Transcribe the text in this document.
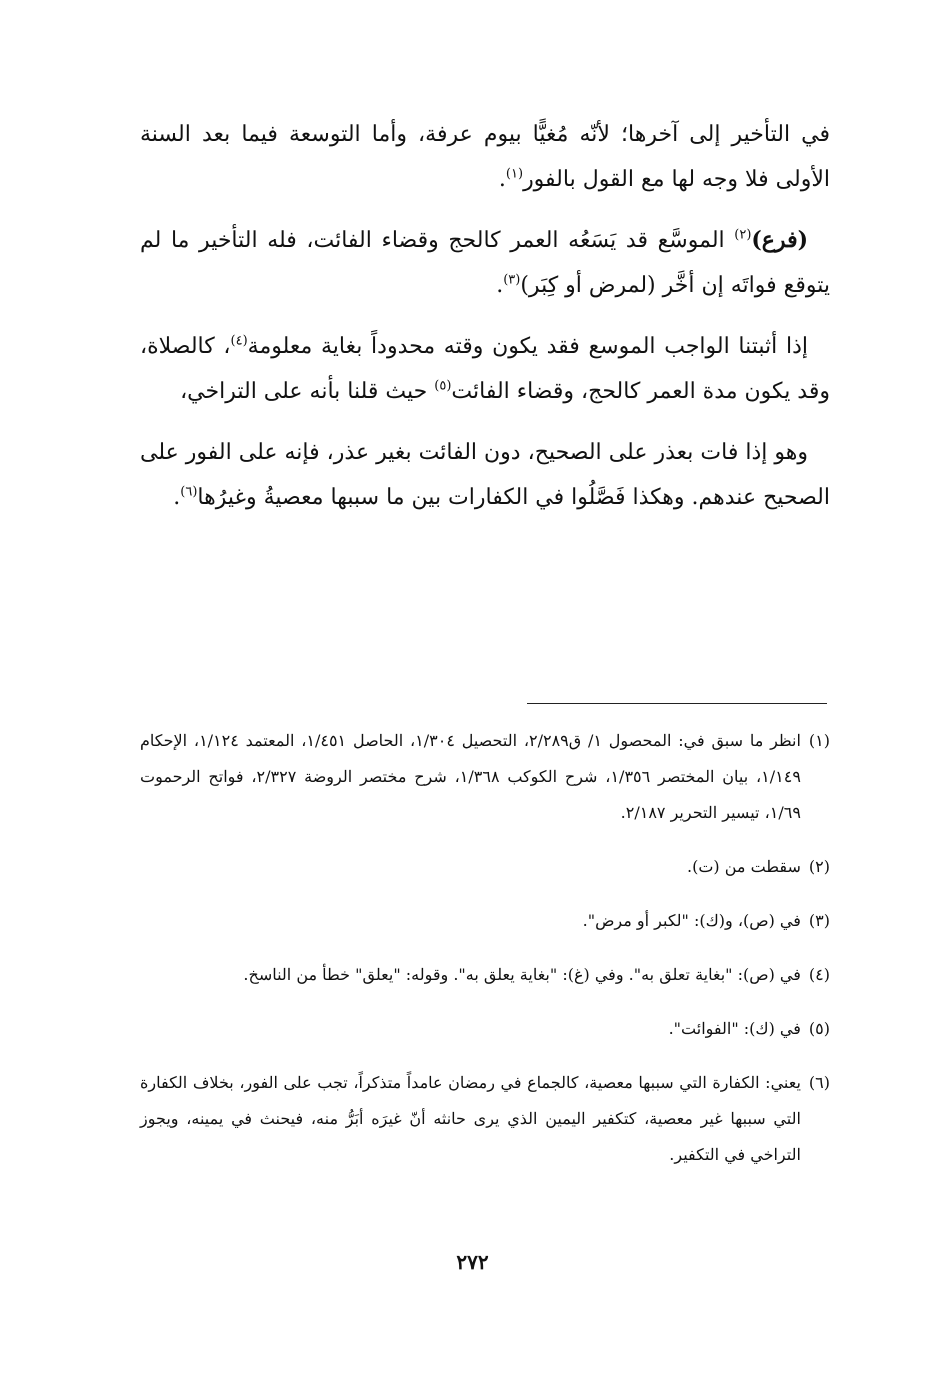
في التأخير إلى آخرها؛ لأنّه مُغيًّا بيوم عرفة، وأما التوسعة فيما بعد السنة الأولى فلا وجه لها مع القول بالفور$^{(١)}$.

(فرع)$^{(٢)}$ الموسَّع قد يَسَعُه العمر كالحج وقضاء الفائت، فله التأخير ما لم يتوقع فواتَه إن أخَّر (لمرض أو كِبَر)$^{(٣)}$.

إذا أثبتنا الواجب الموسع فقد يكون وقته محدوداً بغاية معلومة$^{(٤)}$، كالصلاة، وقد يكون مدة العمر كالحج، وقضاء الفائت$^{(٥)}$ حيث قلنا بأنه على التراخي،

وهو إذا فات بعذر على الصحيح، دون الفائت بغير عذر، فإنه على الفور على الصحيح عندهم. وهكذا فَصَّلُوا في الكفارات بين ما سببها معصيةُ وغيرُها$^{(٦)}$.

(١)
انظر ما سبق في: المحصول ١/ ق٢/٢٨٩، التحصيل ١/٣٠٤، الحاصل ١/٤٥١، المعتمد ١/١٢٤، الإحكام ١/١٤٩، بيان المختصر ١/٣٥٦، شرح الكوكب ١/٣٦٨، شرح مختصر الروضة ٢/٣٢٧، فواتح الرحموت ١/٦٩، تيسير التحرير ٢/١٨٧.
(٢)
سقطت من (ت).
(٣)
في (ص)، و(ك): "لكبر أو مرض".
(٤)
في (ص): "بغاية تعلق به". وفي (غ): "بغاية يعلق به". وقوله: "يعلق" خطأ من الناسخ.
(٥)
في (ك): "الفوائت".
(٦)
يعني: الكفارة التي سببها معصية، كالجماع في رمضان عامداً متذكراً، تجب على الفور، بخلاف الكفارة التي سببها غير معصية، كتكفير اليمين الذي يرى حانثه أنّ غيرَه أبَرُّ منه، فيحنث في يمينه، ويجوز التراخي في التكفير.
٢٧٢
